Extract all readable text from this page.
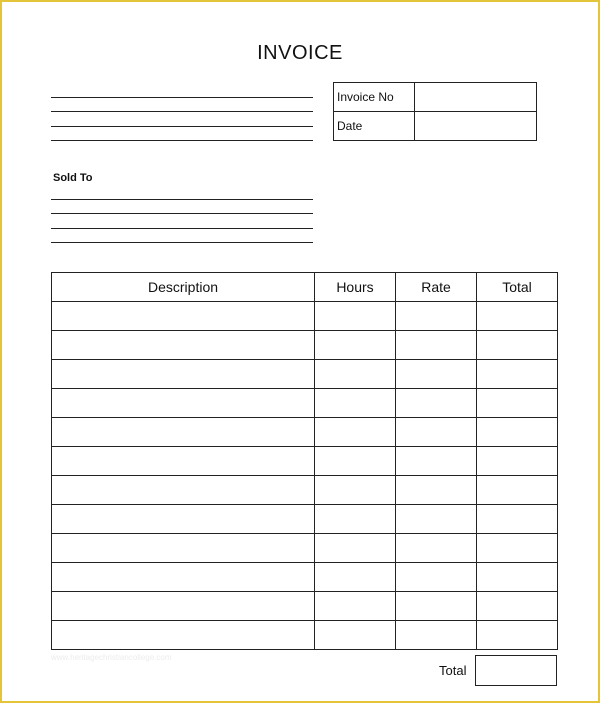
INVOICE
Invoice No	
Date	
Sold To
Description	Hours	Rate	Total

www.heritagechristiancollege.com
Total
